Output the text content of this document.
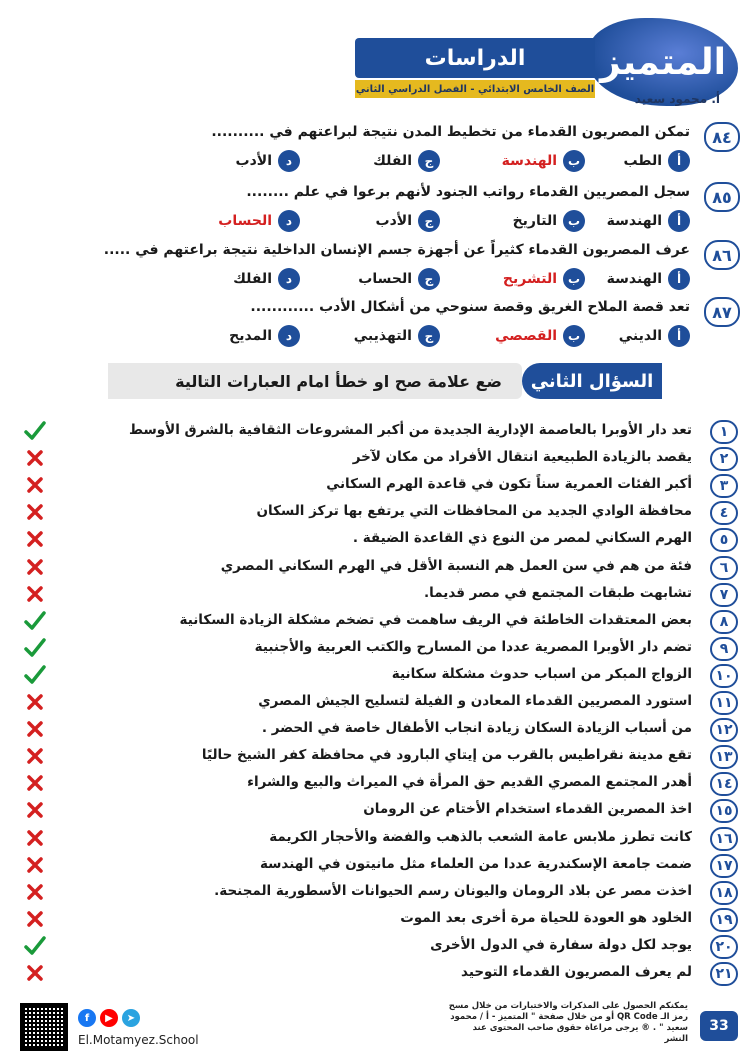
المتميز
الدراسات
الصف الخامس الابتدائي - الفصل الدراسي الثاني
أ. محمود سعيد
٨٤
تمكن المصريون القدماء من تخطيط المدن نتيجة لبراعتهم في ..........
أ
الطب
ب
الهندسة
ج
الفلك
د
الأدب
٨٥
سجل المصريين القدماء رواتب الجنود لأنهم برعوا في علم ........
أ
الهندسة
ب
التاريخ
ج
الأدب
د
الحساب
٨٦
عرف المصريون القدماء كثيراً عن أجهزة جسم الإنسان الداخلية نتيجة براعتهم في .....
أ
الهندسة
ب
التشريح
ج
الحساب
د
الفلك
٨٧
تعد قصة الملاح الغريق وقصة سنوحي من أشكال الأدب ............
أ
الديني
ب
القصصي
ج
التهذيبي
د
المديح
السؤال الثاني
ضع علامة صح او خطأ امام العبارات التالية
١
تعد دار الأوبرا بالعاصمة الإدارية الجديدة من أكبر المشروعات الثقافية بالشرق الأوسط
٢
يقصد بالزيادة الطبيعية انتقال الأفراد من مكان لآخر
٣
أكبر الفئات العمرية سناً تكون في قاعدة الهرم السكاني
٤
محافظة الوادي الجديد من المحافظات التي يرتفع بها تركز السكان
٥
الهرم السكاني لمصر من النوع ذي القاعدة الضيقة .
٦
فئة من هم في سن العمل هم النسبة الأقل في الهرم السكاني المصري
٧
تشابهت طبقات المجتمع في مصر قديما.
٨
بعض المعتقدات الخاطئة في الريف ساهمت في تضخم مشكلة الزيادة السكانية
٩
تضم دار الأوبرا المصرية عددا من المسارح والكتب العربية والأجنبية
١٠
الزواج المبكر من اسباب حدوث مشكلة سكانية
١١
استورد المصريين القدماء المعادن و الفيلة لتسليح الجيش المصري
١٢
من أسباب الزيادة السكان زيادة انجاب الأطفال خاصة في الحضر .
١٣
تقع مدينة نقراطيس بالقرب من إيتاي البارود في محافظة كفر الشيخ حاليًا
١٤
أهدر المجتمع المصري القديم حق المرأة في الميراث والبيع والشراء
١٥
اخذ المصرين القدماء استخدام الأختام عن الرومان
١٦
كانت تطرز ملابس عامة الشعب بالذهب والفضة والأحجار الكريمة
١٧
ضمت جامعة الإسكندرية عددا من العلماء مثل مانيتون في الهندسة
١٨
اخذت مصر عن بلاد الرومان واليونان رسم الحيوانات الأسطورية المجنحة.
١٩
الخلود هو العودة للحياة مرة أخرى بعد الموت
٢٠
يوجد لكل دولة سفارة في الدول الأخرى
٢١
لم يعرف المصريون القدماء التوحيد
f	▶	➤
El.Motamyez.School
يمكنكم الحصول على المذكرات والاختبارات من خلال مسح رمز الـ QR Code أو من خلال صفحة " المتميز - أ / محمود سعيد " . ® يرجى مراعاة حقوق صاحب المحتوى عند النشر
33
